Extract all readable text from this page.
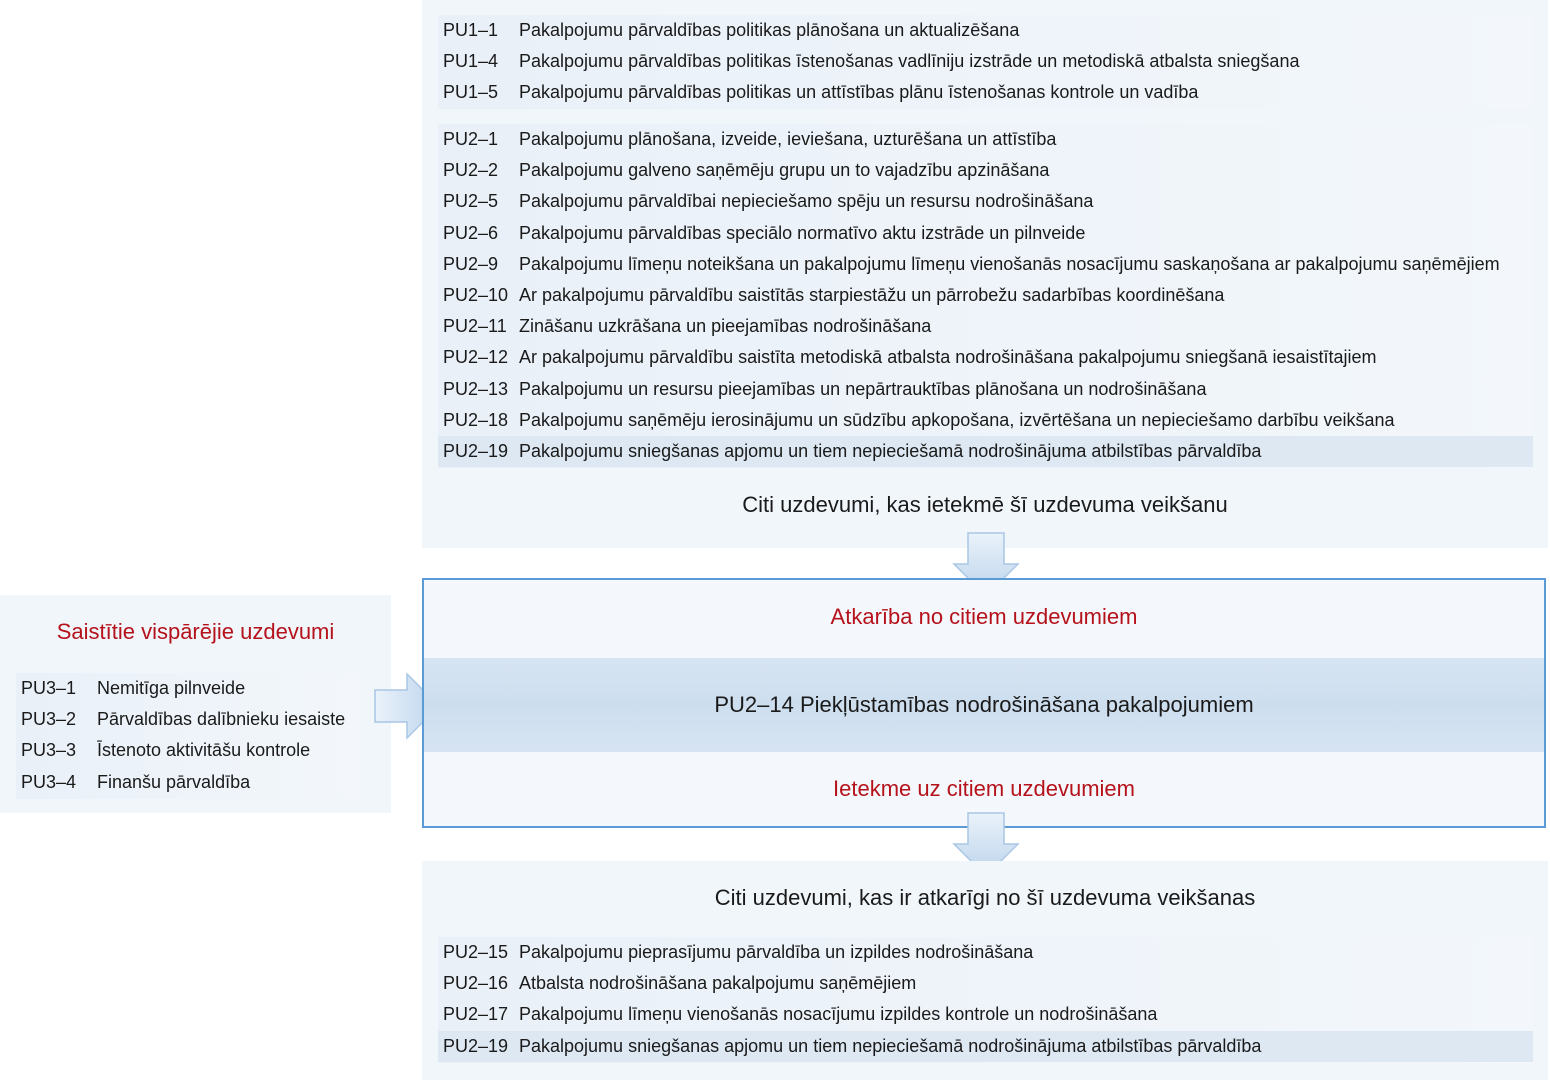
PU1–1	Pakalpojumu pārvaldības politikas plānošana un aktualizēšana
PU1–4	Pakalpojumu pārvaldības politikas īstenošanas vadlīniju izstrāde un metodiskā atbalsta sniegšana
PU1–5	Pakalpojumu pārvaldības politikas un attīstības plānu īstenošanas kontrole un vadība
PU2–1	Pakalpojumu plānošana, izveide, ieviešana, uzturēšana un attīstība
PU2–2	Pakalpojumu galveno saņēmēju grupu un to vajadzību apzināšana
PU2–5	Pakalpojumu pārvaldībai nepieciešamo spēju un resursu nodrošināšana
PU2–6	Pakalpojumu pārvaldības speciālo normatīvo aktu izstrāde un pilnveide
PU2–9	Pakalpojumu līmeņu noteikšana un pakalpojumu līmeņu vienošanās nosacījumu saskaņošana ar pakalpojumu saņēmējiem
PU2–10 Ar pakalpojumu pārvaldību saistītās starpiestāžu un pārrobežu sadarbības koordinēšana
PU2–11 Zināšanu uzkrāšana un pieejamības nodrošināšana
PU2–12 Ar pakalpojumu pārvaldību saistīta metodiskā atbalsta nodrošināšana pakalpojumu sniegšanā iesaistītajiem
PU2–13 Pakalpojumu un resursu pieejamības un nepārtrauktības plānošana un nodrošināšana
PU2–18 Pakalpojumu saņēmēju ierosinājumu un sūdzību apkopošana, izvērtēšana un nepieciešamo darbību veikšana
PU2–19 Pakalpojumu sniegšanas apjomu un tiem nepieciešamā nodrošinājuma atbilstības pārvaldība
Citi uzdevumi, kas ietekmē šī uzdevuma veikšanu
Saistītie vispārējie uzdevumi
PU3–1	Nemitīga pilnveide
PU3–2	Pārvaldības dalībnieku iesaiste
PU3–3	Īstenoto aktivitāšu kontrole
PU3–4	Finanšu pārvaldība
Atkarība no citiem uzdevumiem
PU2–14 Piekļūstamības nodrošināšana pakalpojumiem
Ietekme uz citiem uzdevumiem
Citi uzdevumi, kas ir atkarīgi no šī uzdevuma veikšanas
PU2–15 Pakalpojumu pieprasījumu pārvaldība un izpildes nodrošināšana
PU2–16 Atbalsta nodrošināšana pakalpojumu saņēmējiem
PU2–17 Pakalpojumu līmeņu vienošanās nosacījumu izpildes kontrole un nodrošināšana
PU2–19 Pakalpojumu sniegšanas apjomu un tiem nepieciešamā nodrošinājuma atbilstības pārvaldība
